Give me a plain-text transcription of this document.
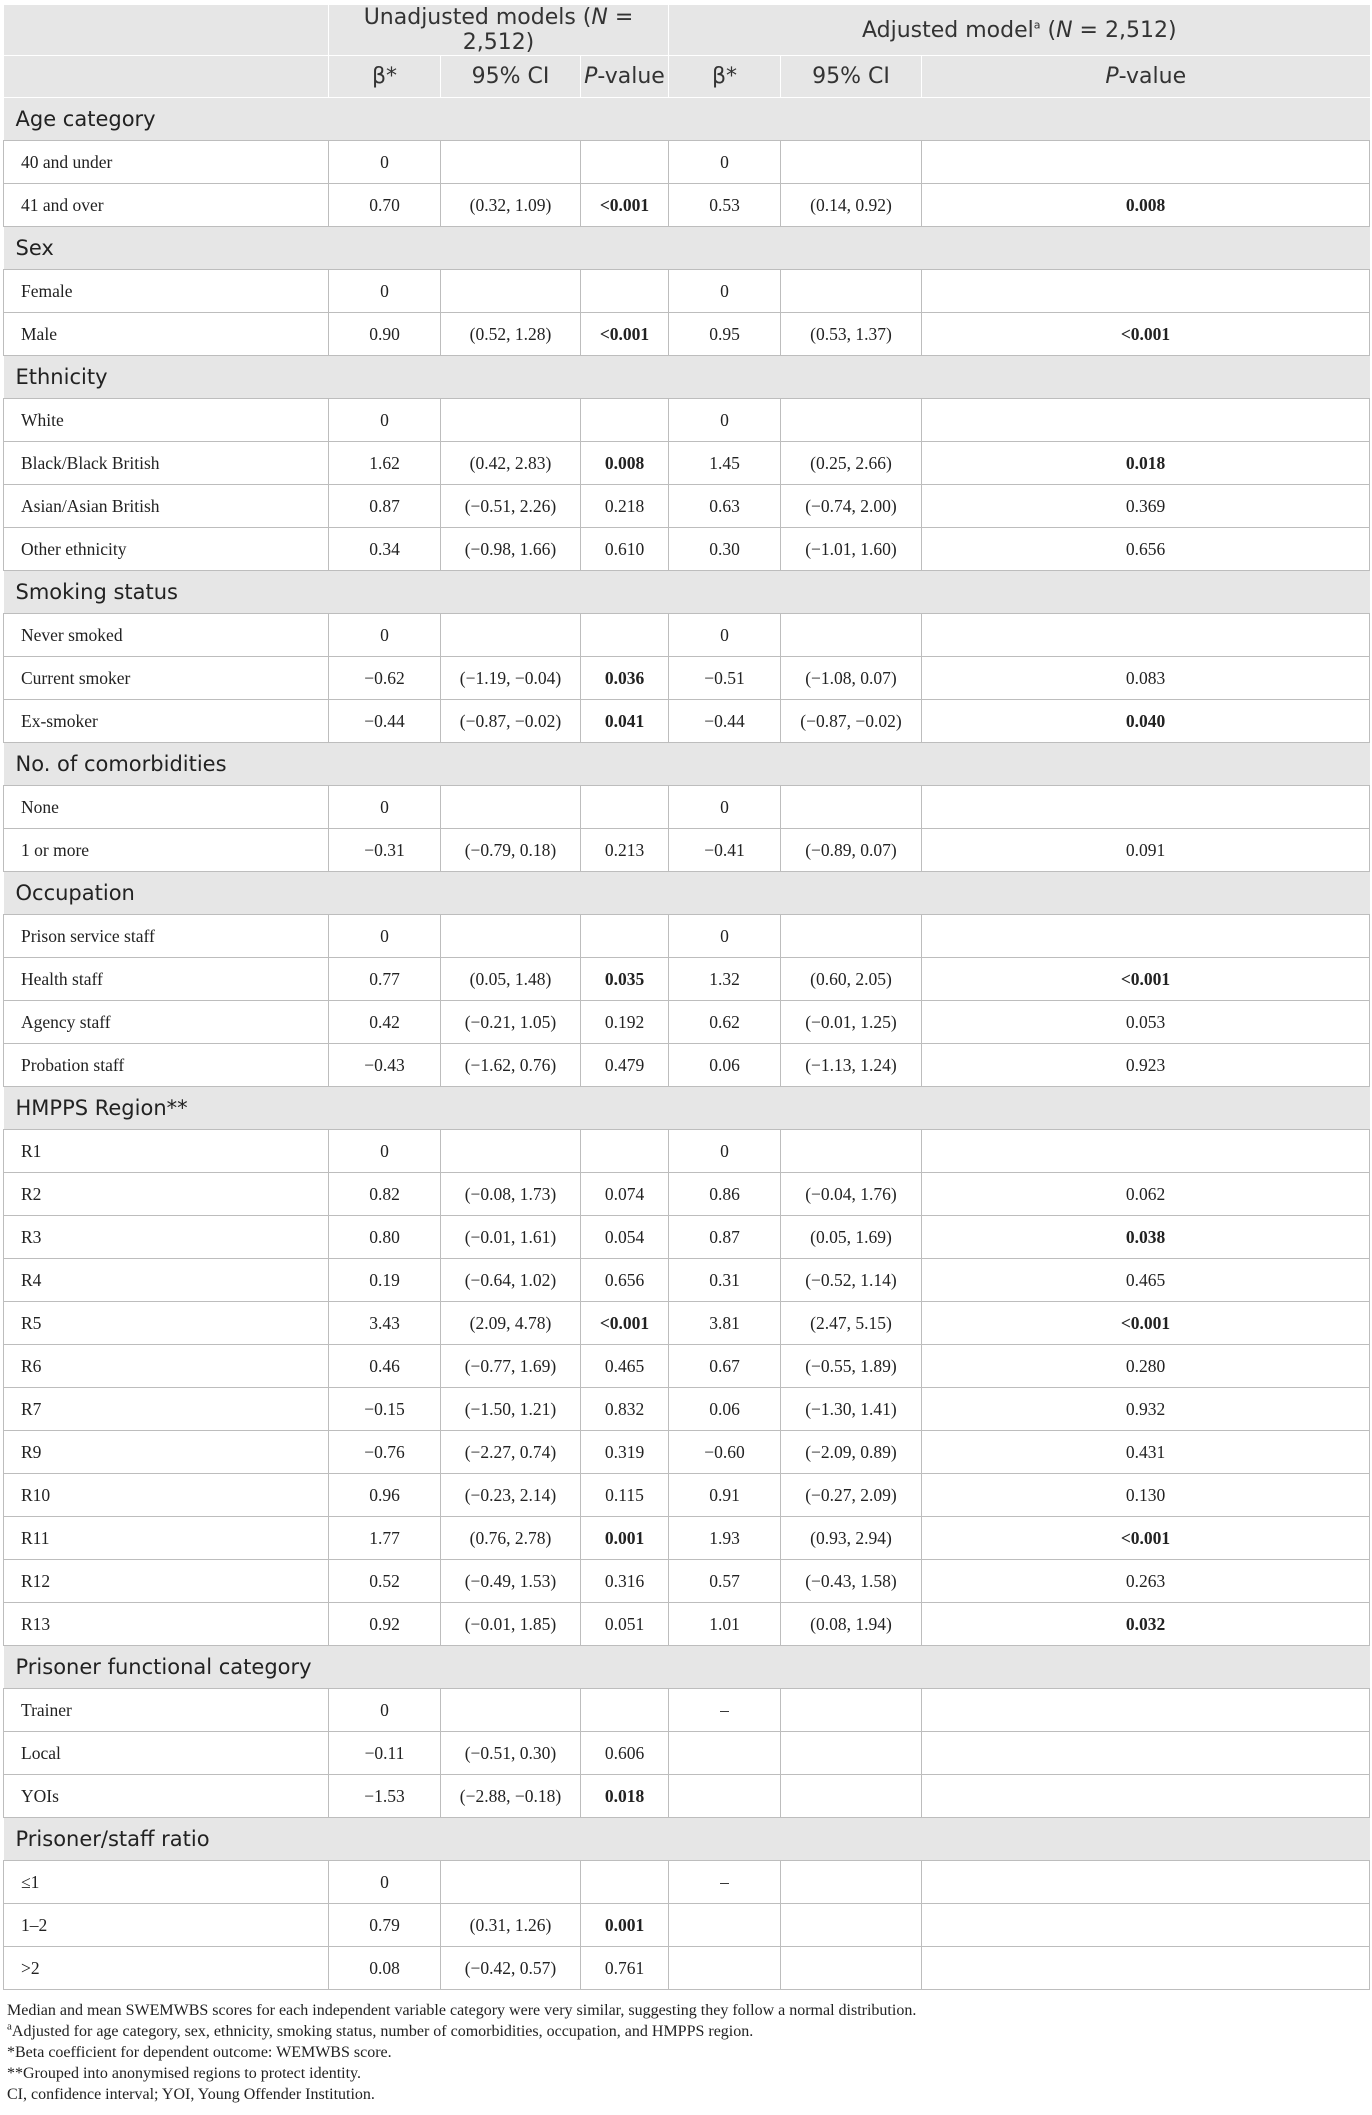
	Unadjusted models (N = 2,512)			Adjusted model$^a$ (N = 2,512)		
	β*	95% CI	P-value	β*	95% CI	P-value
Age category						
40 and under	0			0		
41 and over	0.70	(0.32, 1.09)	<0.001	0.53	(0.14, 0.92)	0.008
Sex						
Female	0			0		
Male	0.90	(0.52, 1.28)	<0.001	0.95	(0.53, 1.37)	<0.001
Ethnicity						
White	0			0		
Black/Black British	1.62	(0.42, 2.83)	0.008	1.45	(0.25, 2.66)	0.018
Asian/Asian British	0.87	(−0.51, 2.26)	0.218	0.63	(−0.74, 2.00)	0.369
Other ethnicity	0.34	(−0.98, 1.66)	0.610	0.30	(−1.01, 1.60)	0.656
Smoking status						
Never smoked	0			0		
Current smoker	−0.62	(−1.19, −0.04)	0.036	−0.51	(−1.08, 0.07)	0.083
Ex-smoker	−0.44	(−0.87, −0.02)	0.041	−0.44	(−0.87, −0.02)	0.040
No. of comorbidities						
None	0			0		
1 or more	−0.31	(−0.79, 0.18)	0.213	−0.41	(−0.89, 0.07)	0.091
Occupation						
Prison service staff	0			0		
Health staff	0.77	(0.05, 1.48)	0.035	1.32	(0.60, 2.05)	<0.001
Agency staff	0.42	(−0.21, 1.05)	0.192	0.62	(−0.01, 1.25)	0.053
Probation staff	−0.43	(−1.62, 0.76)	0.479	0.06	(−1.13, 1.24)	0.923
HMPPS Region**						
R1	0			0		
R2	0.82	(−0.08, 1.73)	0.074	0.86	(−0.04, 1.76)	0.062
R3	0.80	(−0.01, 1.61)	0.054	0.87	(0.05, 1.69)	0.038
R4	0.19	(−0.64, 1.02)	0.656	0.31	(−0.52, 1.14)	0.465
R5	3.43	(2.09, 4.78)	<0.001	3.81	(2.47, 5.15)	<0.001
R6	0.46	(−0.77, 1.69)	0.465	0.67	(−0.55, 1.89)	0.280
R7	−0.15	(−1.50, 1.21)	0.832	0.06	(−1.30, 1.41)	0.932
R9	−0.76	(−2.27, 0.74)	0.319	−0.60	(−2.09, 0.89)	0.431
R10	0.96	(−0.23, 2.14)	0.115	0.91	(−0.27, 2.09)	0.130
R11	1.77	(0.76, 2.78)	0.001	1.93	(0.93, 2.94)	<0.001
R12	0.52	(−0.49, 1.53)	0.316	0.57	(−0.43, 1.58)	0.263
R13	0.92	(−0.01, 1.85)	0.051	1.01	(0.08, 1.94)	0.032
Prisoner functional category						
Trainer	0			–		
Local	−0.11	(−0.51, 0.30)	0.606			
YOIs	−1.53	(−2.88, −0.18)	0.018			
Prisoner/staff ratio						
≤1	0			–		
1–2	0.79	(0.31, 1.26)	0.001			
>2	0.08	(−0.42, 0.57)	0.761			

Median and mean SWEMWBS scores for each independent variable category were very similar, suggesting they follow a normal distribution.

$^a$Adjusted for age category, sex, ethnicity, smoking status, number of comorbidities, occupation, and HMPPS region.

*Beta coefficient for dependent outcome: WEMWBS score.

**Grouped into anonymised regions to protect identity.

CI, confidence interval; YOI, Young Offender Institution.
